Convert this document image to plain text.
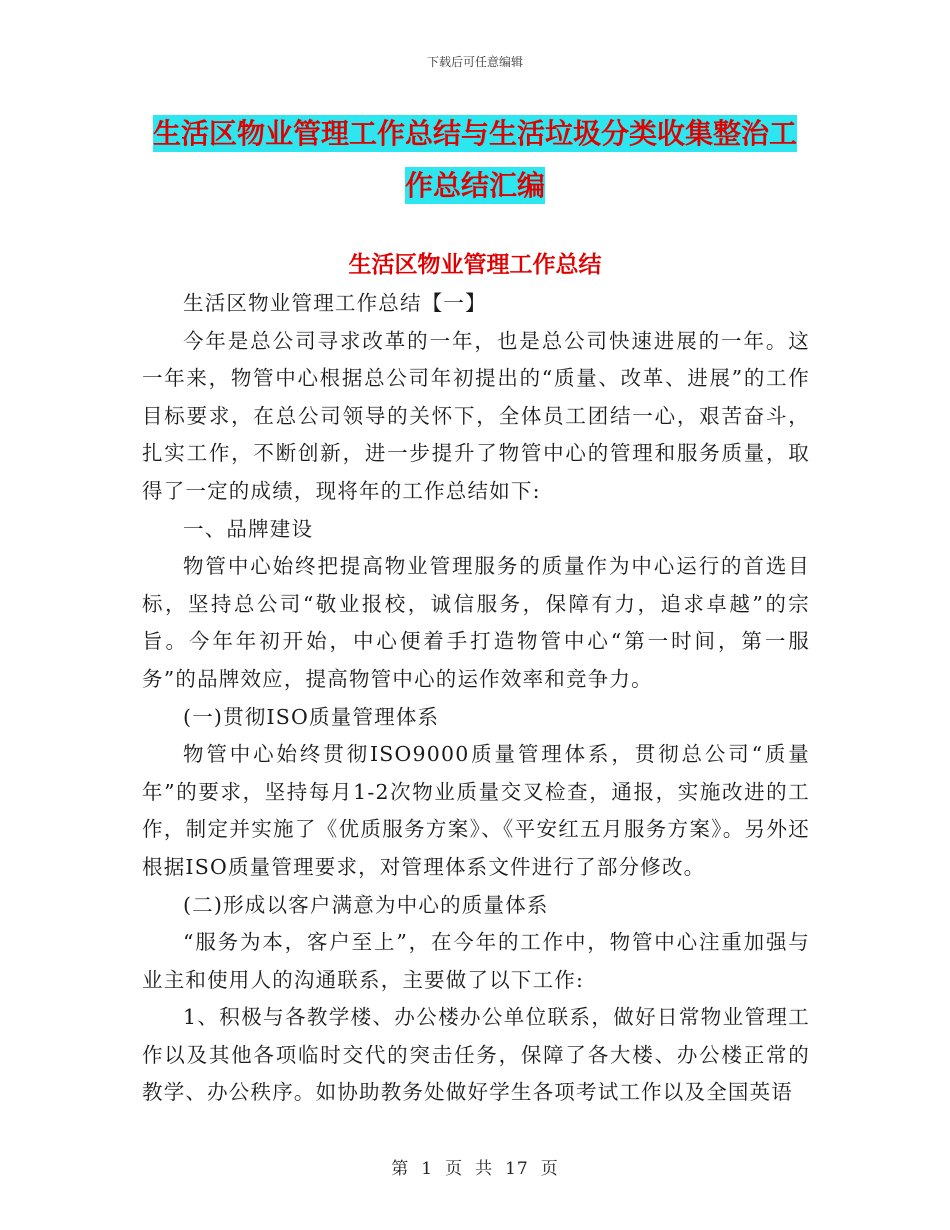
下载后可任意编辑
生活区物业管理工作总结与生活垃圾分类收集整治工作总结汇编
生活区物业管理工作总结

生活区物业管理工作总结【一】

今年是总公司寻求改革的一年，也是总公司快速进展的一年。这一年来，物管中心根据总公司年初提出的“质量、改革、进展”的工作目标要求，在总公司领导的关怀下，全体员工团结一心，艰苦奋斗，扎实工作，不断创新，进一步提升了物管中心的管理和服务质量，取得了一定的成绩，现将年的工作总结如下:

一、品牌建设

物管中心始终把提高物业管理服务的质量作为中心运行的首选目标，坚持总公司“敬业报校，诚信服务，保障有力，追求卓越”的宗旨。今年年初开始，中心便着手打造物管中心“第一时间，第一服务”的品牌效应，提高物管中心的运作效率和竞争力。

(一)贯彻ISO质量管理体系

物管中心始终贯彻ISO9000质量管理体系，贯彻总公司“质量年”的要求，坚持每月1-2次物业质量交叉检查，通报，实施改进的工作，制定并实施了《优质服务方案》、《平安红五月服务方案》。另外还根据ISO质量管理要求，对管理体系文件进行了部分修改。

(二)形成以客户满意为中心的质量体系

“服务为本，客户至上”，在今年的工作中，物管中心注重加强与业主和使用人的沟通联系，主要做了以下工作:

1、积极与各教学楼、办公楼办公单位联系，做好日常物业管理工作以及其他各项临时交代的突击任务，保障了各大楼、办公楼正常的教学、办公秩序。如协助教务处做好学生各项考试工作以及全国英语

第 1 页 共 17 页
